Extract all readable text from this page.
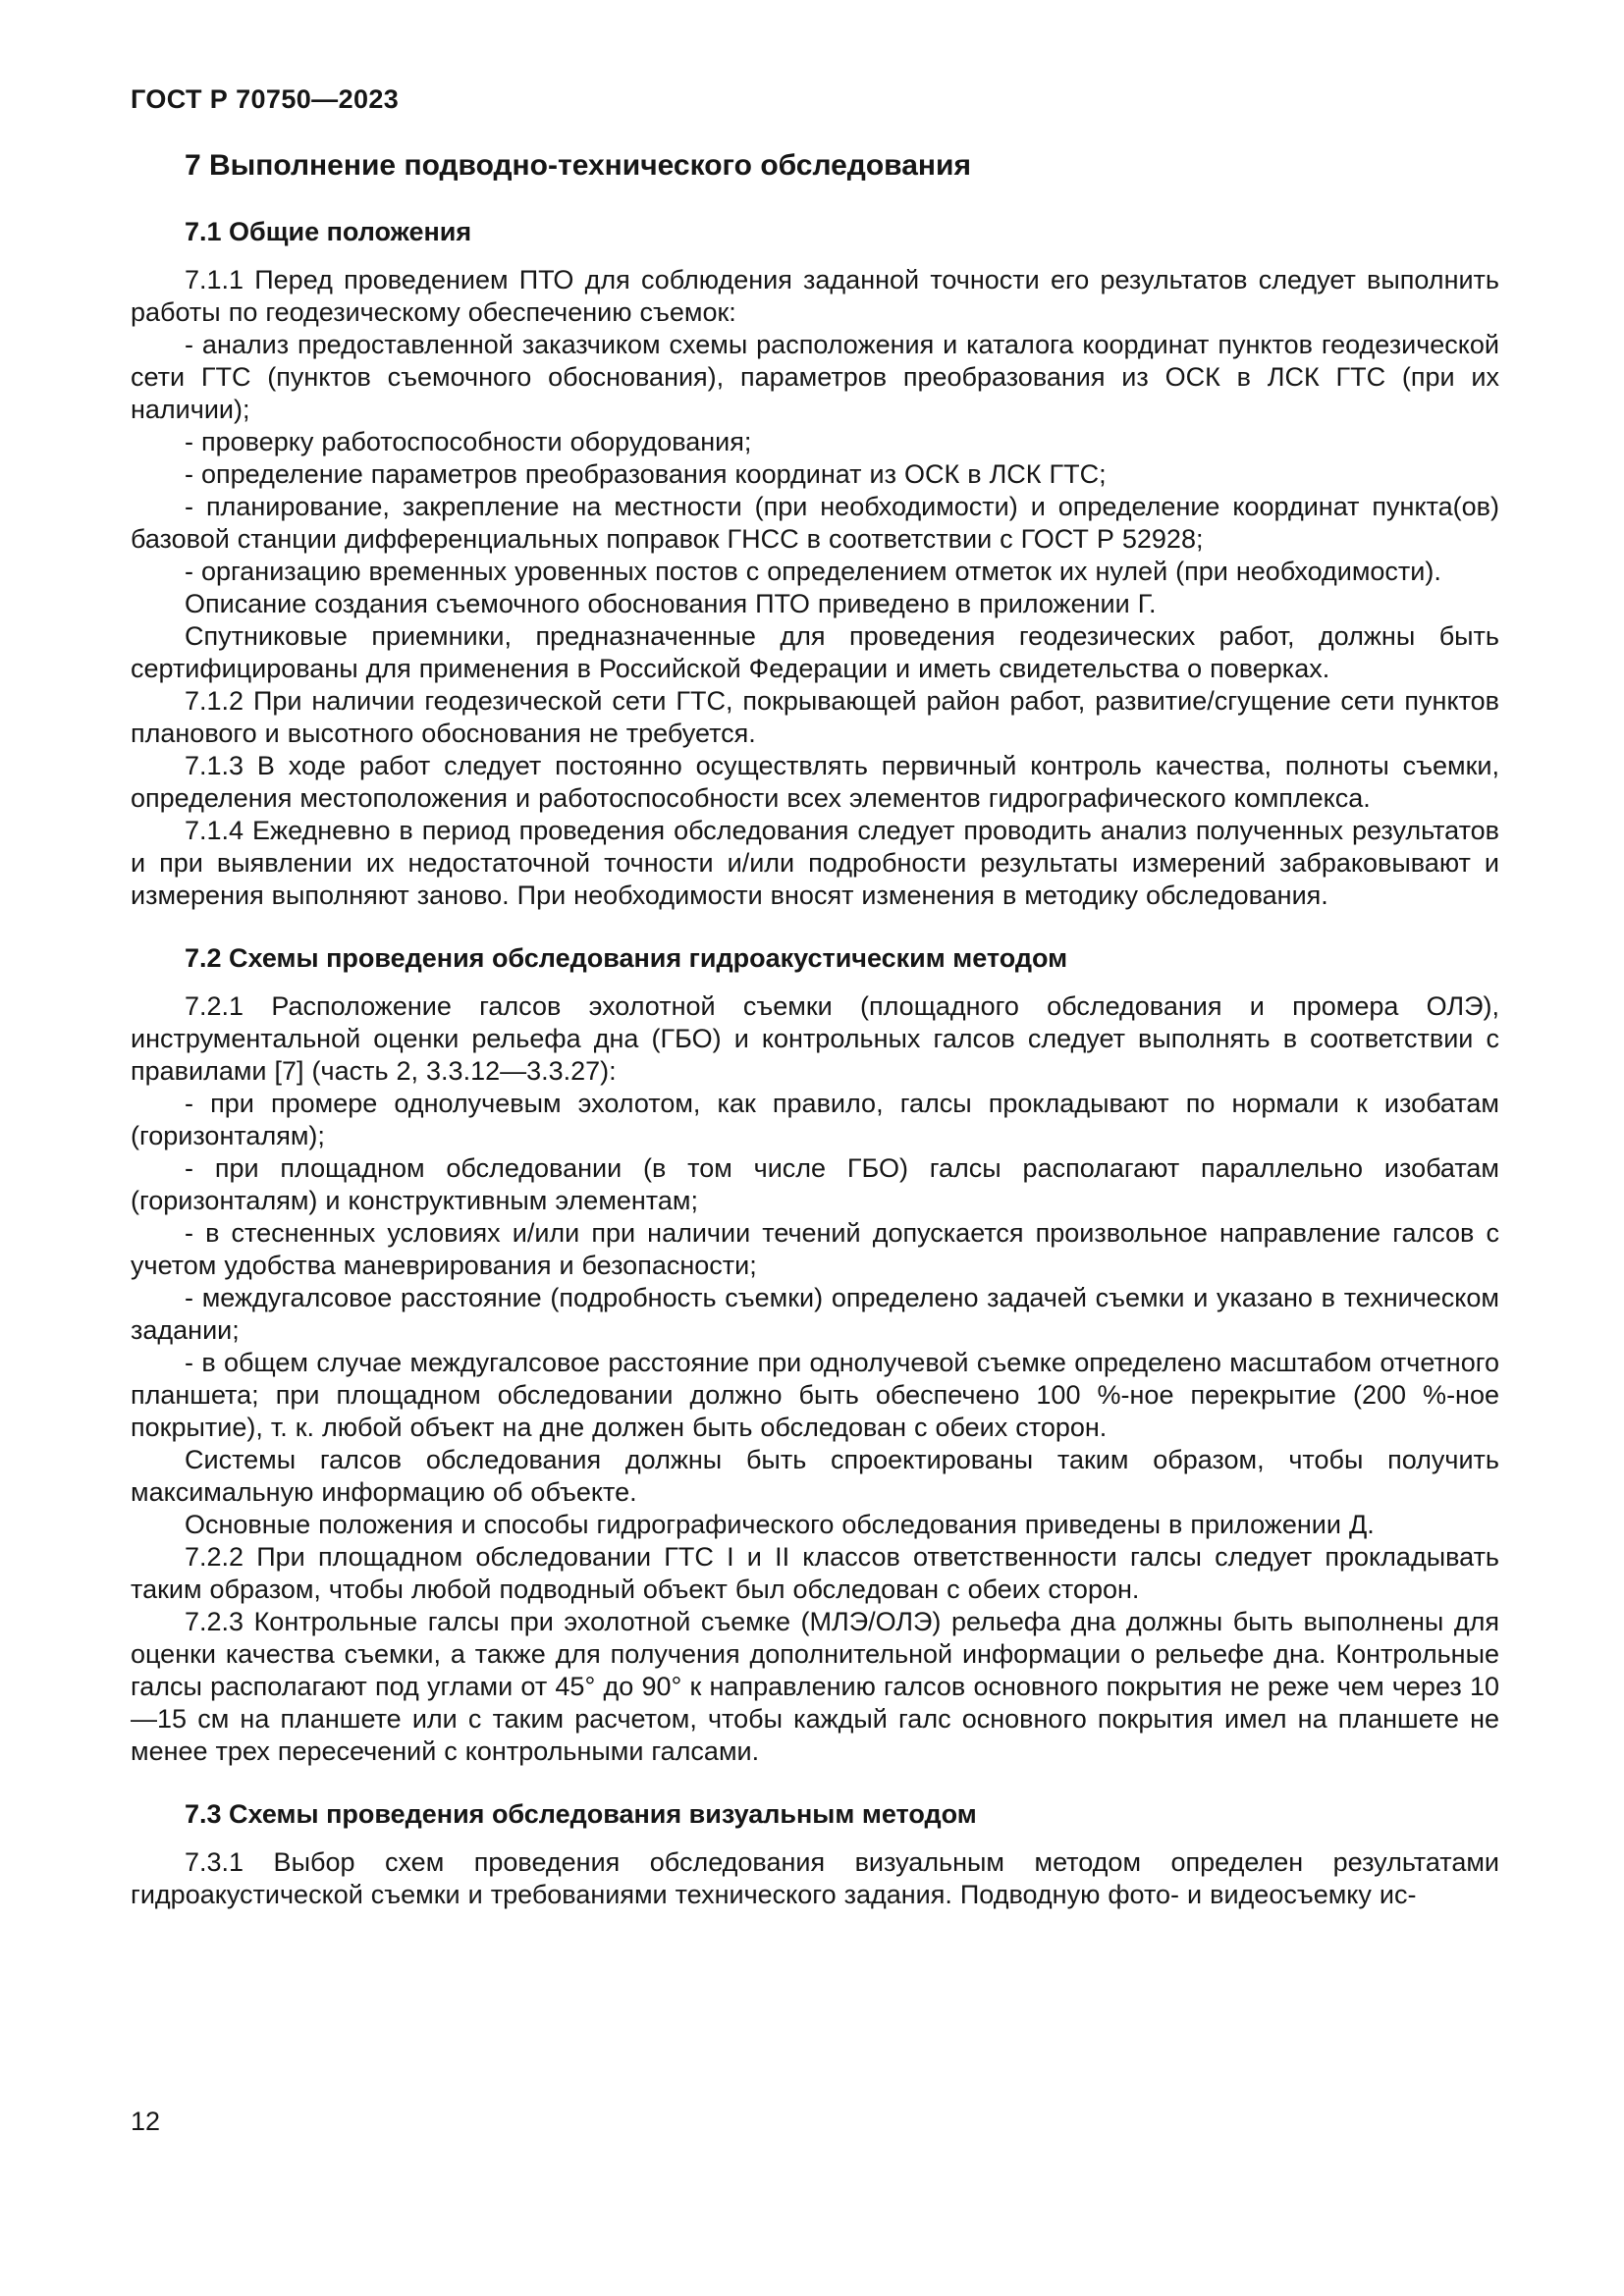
ГОСТ Р 70750—2023
7 Выполнение подводно-технического обследования
7.1 Общие положения

7.1.1 Перед проведением ПТО для соблюдения заданной точности его результатов следует выполнить работы по геодезическому обеспечению съемок:

- анализ предоставленной заказчиком схемы расположения и каталога координат пунктов геодезической сети ГТС (пунктов съемочного обоснования), параметров преобразования из ОСК в ЛСК ГТС (при их наличии);

- проверку работоспособности оборудования;

- определение параметров преобразования координат из ОСК в ЛСК ГТС;

- планирование, закрепление на местности (при необходимости) и определение координат пункта(ов) базовой станции дифференциальных поправок ГНСС в соответствии с ГОСТ Р 52928;

- организацию временных уровенных постов с определением отметок их нулей (при необходимости).

Описание создания съемочного обоснования ПТО приведено в приложении Г.

Спутниковые приемники, предназначенные для проведения геодезических работ, должны быть сертифицированы для применения в Российской Федерации и иметь свидетельства о поверках.

7.1.2 При наличии геодезической сети ГТС, покрывающей район работ, развитие/сгущение сети пунктов планового и высотного обоснования не требуется.

7.1.3 В ходе работ следует постоянно осуществлять первичный контроль качества, полноты съемки, определения местоположения и работоспособности всех элементов гидрографического комплекса.

7.1.4 Ежедневно в период проведения обследования следует проводить анализ полученных результатов и при выявлении их недостаточной точности и/или подробности результаты измерений забраковывают и измерения выполняют заново. При необходимости вносят изменения в методику обследования.

7.2 Схемы проведения обследования гидроакустическим методом

7.2.1 Расположение галсов эхолотной съемки (площадного обследования и промера ОЛЭ), инструментальной оценки рельефа дна (ГБО) и контрольных галсов следует выполнять в соответствии с правилами [7] (часть 2, 3.3.12—3.3.27):

- при промере однолучевым эхолотом, как правило, галсы прокладывают по нормали к изобатам (горизонталям);

- при площадном обследовании (в том числе ГБО) галсы располагают параллельно изобатам (горизонталям) и конструктивным элементам;

- в стесненных условиях и/или при наличии течений допускается произвольное направление галсов с учетом удобства маневрирования и безопасности;

- междугалсовое расстояние (подробность съемки) определено задачей съемки и указано в техническом задании;

- в общем случае междугалсовое расстояние при однолучевой съемке определено масштабом отчетного планшета; при площадном обследовании должно быть обеспечено 100 %-ное перекрытие (200 %-ное покрытие), т. к. любой объект на дне должен быть обследован с обеих сторон.

Системы галсов обследования должны быть спроектированы таким образом, чтобы получить максимальную информацию об объекте.

Основные положения и способы гидрографического обследования приведены в приложении Д.

7.2.2 При площадном обследовании ГТС I и II классов ответственности галсы следует прокладывать таким образом, чтобы любой подводный объект был обследован с обеих сторон.

7.2.3 Контрольные галсы при эхолотной съемке (МЛЭ/ОЛЭ) рельефа дна должны быть выполнены для оценки качества съемки, а также для получения дополнительной информации о рельефе дна. Контрольные галсы располагают под углами от 45° до 90° к направлению галсов основного покрытия не реже чем через 10—15 см на планшете или с таким расчетом, чтобы каждый галс основного покрытия имел на планшете не менее трех пересечений с контрольными галсами.

7.3 Схемы проведения обследования визуальным методом

7.3.1 Выбор схем проведения обследования визуальным методом определен результатами гидроакустической съемки и требованиями технического задания. Подводную фото- и видеосъемку ис-

12
